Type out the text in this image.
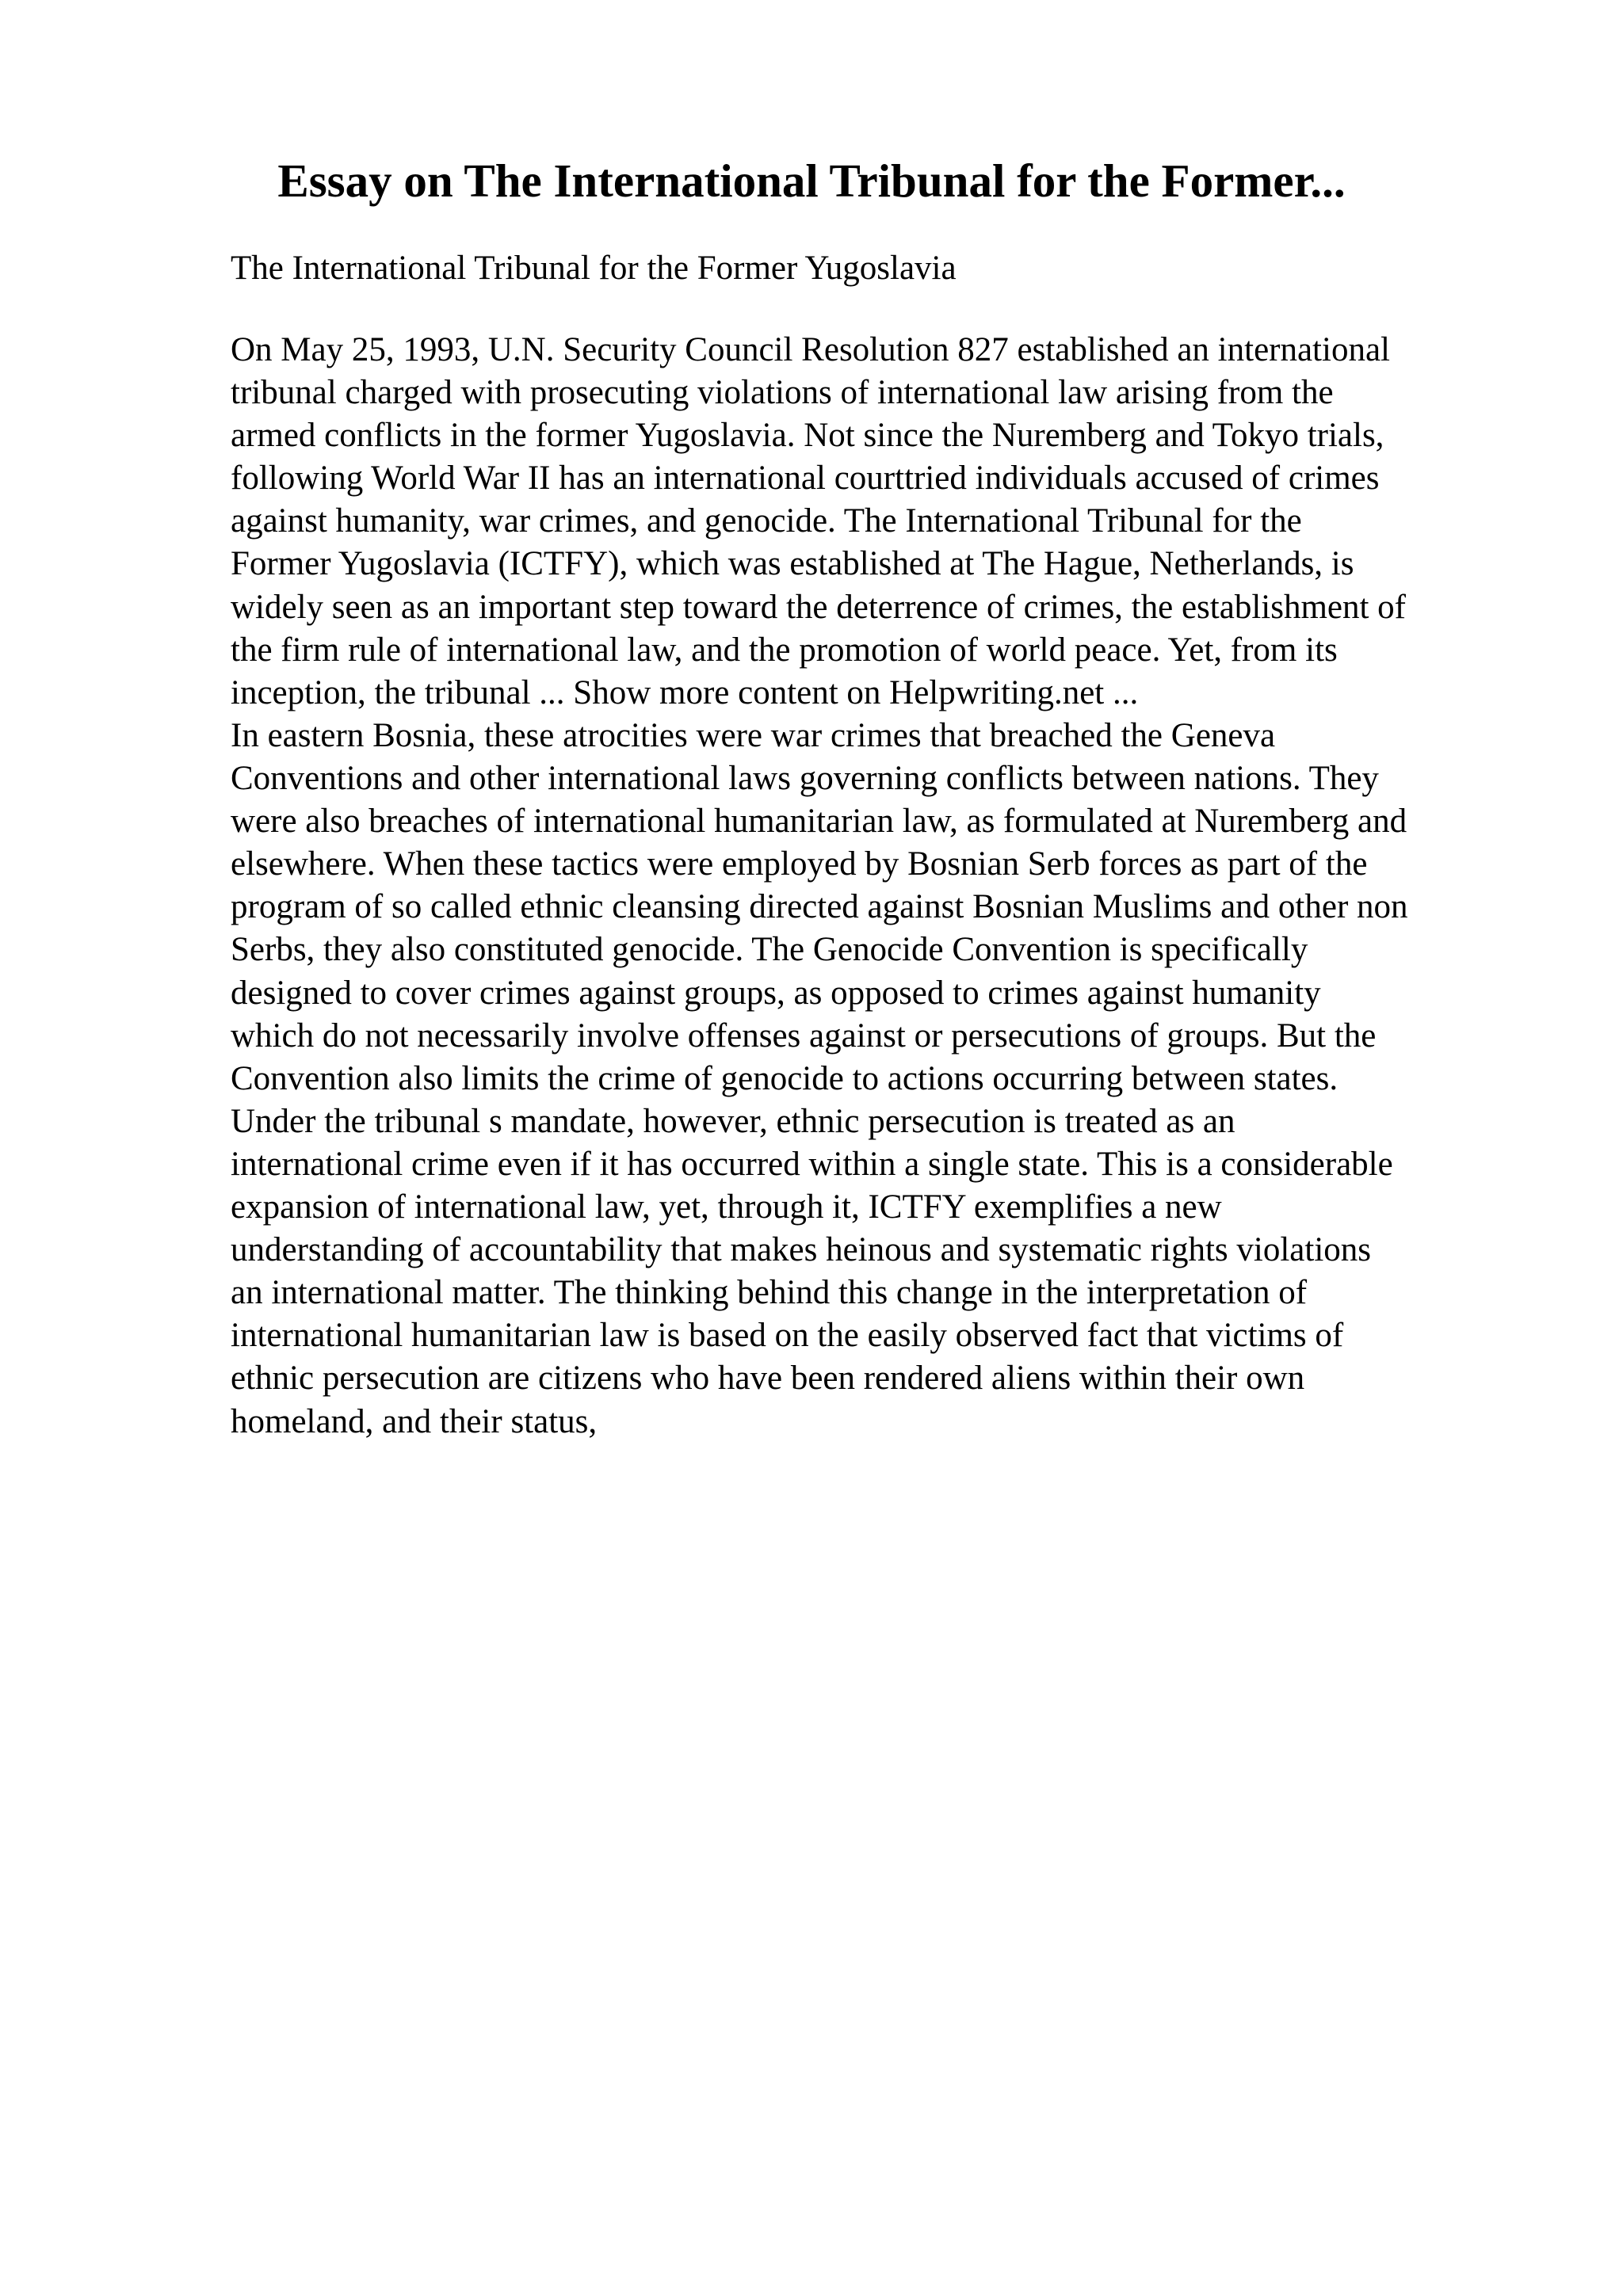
Essay on The International Tribunal for the Former...

The International Tribunal for the Former Yugoslavia

On May 25, 1993, U.N. Security Council Resolution 827 established an international
tribunal charged with prosecuting violations of international law arising from the
armed conflicts in the former Yugoslavia. Not since the Nuremberg and Tokyo trials,
following World War II has an international courttried individuals accused of crimes
against humanity, war crimes, and genocide. The International Tribunal for the
Former Yugoslavia (ICTFY), which was established at The Hague, Netherlands, is
widely seen as an important step toward the deterrence of crimes, the establishment of
the firm rule of international law, and the promotion of world peace. Yet, from its
inception, the tribunal ... Show more content on Helpwriting.net ...
In eastern Bosnia, these atrocities were war crimes that breached the Geneva
Conventions and other international laws governing conflicts between nations. They
were also breaches of international humanitarian law, as formulated at Nuremberg and
elsewhere. When these tactics were employed by Bosnian Serb forces as part of the
program of so called ethnic cleansing directed against Bosnian Muslims and other non
Serbs, they also constituted genocide. The Genocide Convention is specifically
designed to cover crimes against groups, as opposed to crimes against humanity
which do not necessarily involve offenses against or persecutions of groups. But the
Convention also limits the crime of genocide to actions occurring between states.
Under the tribunal s mandate, however, ethnic persecution is treated as an
international crime even if it has occurred within a single state. This is a considerable
expansion of international law, yet, through it, ICTFY exemplifies a new
understanding of accountability that makes heinous and systematic rights violations
an international matter. The thinking behind this change in the interpretation of
international humanitarian law is based on the easily observed fact that victims of
ethnic persecution are citizens who have been rendered aliens within their own
homeland, and their status,
